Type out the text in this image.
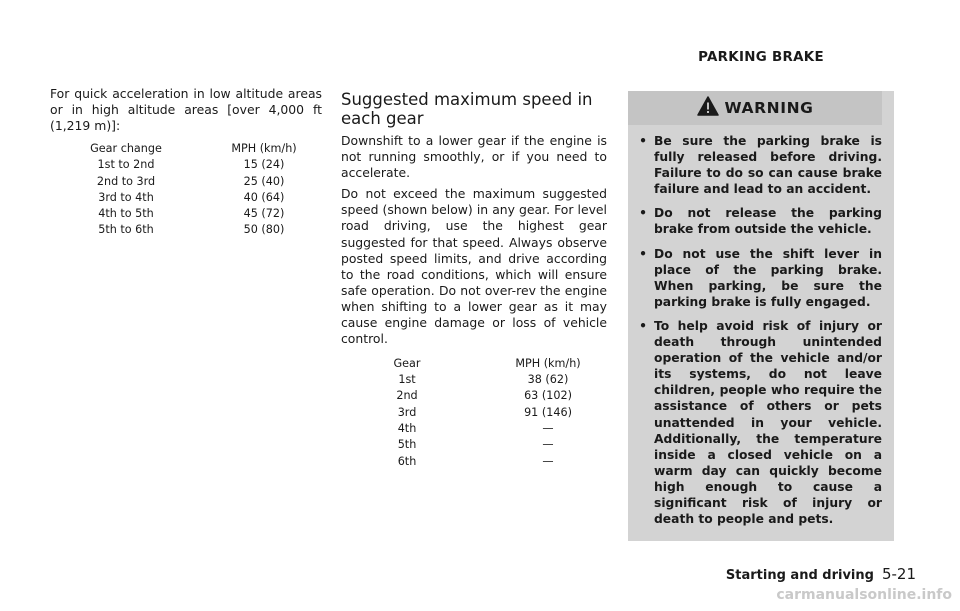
For quick acceleration in low altitude areas or in high altitude areas [over 4,000 ft (1,219 m)]:

Gear change	MPH (km/h)
1st to 2nd	15 (24)
2nd to 3rd	25 (40)
3rd to 4th	40 (64)
4th to 5th	45 (72)
5th to 6th	50 (80)
Suggested maximum speed in each gear

Downshift to a lower gear if the engine is not running smoothly, or if you need to accelerate.

Do not exceed the maximum suggested speed (shown below) in any gear. For level road driving, use the highest gear suggested for that speed. Always observe posted speed limits, and drive according to the road conditions, which will ensure safe operation. Do not over-rev the engine when shifting to a lower gear as it may cause engine damage or loss of vehicle control.

Gear	MPH (km/h)
1st	38 (62)
2nd	63 (102)
3rd	91 (146)
4th	—
5th	—
6th	—
PARKING BRAKE
WARNING
• Be sure the parking brake is fully released before driving. Failure to do so can cause brake failure and lead to an accident.
• Do not release the parking brake from outside the vehicle.
• Do not use the shift lever in place of the parking brake. When parking, be sure the parking brake is fully engaged.
• To help avoid risk of injury or death through unintended operation of the vehicle and/or its systems, do not leave children, people who require the assistance of others or pets unattended in your vehicle. Additionally, the temperature inside a closed vehicle on a warm day can quickly become high enough to cause a significant risk of injury or death to people and pets.
Starting and driving 5-21
carmanualsonline.info
